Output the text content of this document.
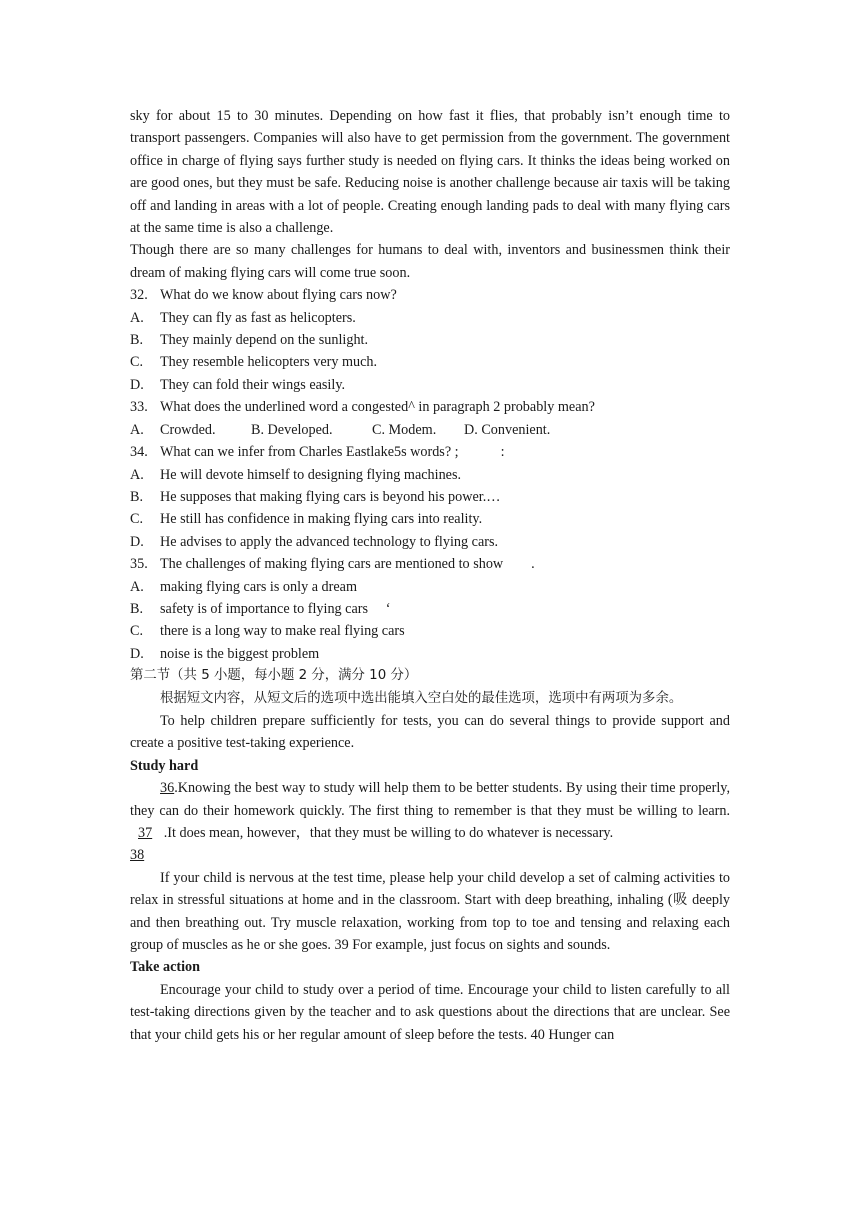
sky for about 15 to 30 minutes. Depending on how fast it flies, that probably isn’t enough time to transport passengers. Companies will also have to get permission from the government. The government office in charge of flying says further study is needed on flying cars. It thinks the ideas being worked on are good ones, but they must be safe. Reducing noise is another challenge because air taxis will be taking off and landing in areas with a lot of people. Creating enough landing pads to deal with many flying cars at the same time is also a challenge.

Though there are so many challenges for humans to deal with, inventors and businessmen think their dream of making flying cars will come true soon.

32. What do we know about flying cars now?
A.	They can fly as fast as helicopters.
B.	They mainly depend on the sunlight.
C.	They resemble helicopters very much.
D.	They can fold their wings easily.
33. What does the underlined word a congested^ in paragraph 2 probably mean?
A.	Crowded.	B. Developed.	C. Modem.	D. Convenient.
34. What can we infer from Charles Eastlake5s words? ;	:
A.	He will devote himself to designing flying machines.
B.	He supposes that making flying cars is beyond his power.…
C.	He still has confidence in making flying cars into reality.
D.	He advises to apply the advanced technology to flying cars.
35. The challenges of making flying cars are mentioned to show	.
A.	making flying cars is only a dream
B.	safety is of importance to flying cars     ‘
C.	there is a long way to make real flying cars
D.	noise is the biggest problem

第二节（共 5 小题，每小题 2 分，满分 10 分）

根据短文内容，从短文后的选项中选出能填入空白处的最佳选项，选项中有两项为多余。

To help children prepare sufficiently for tests, you can do several things to provide support and create a positive test-taking experience.

Study hard

36.Knowing the best way to study will help them to be better students. By using their time properly, they can do their homework quickly. The first thing to remember is that they must be willing to learn. 37 .It does mean, however，that they must be willing to do whatever is necessary.

38

If your child is nervous at the test time, please help your child develop a set of calming activities to relax in stressful situations at home and in the classroom. Start with deep breathing, inhaling (吸 deeply and then breathing out. Try muscle relaxation, working from top to toe and tensing and relaxing each group of muscles as he or she goes. 39 For example, just focus on sights and sounds.

Take action

Encourage your child to study over a period of time. Encourage your child to listen carefully to all test-taking directions given by the teacher and to ask questions about the directions that are unclear. See that your child gets his or her regular amount of sleep before the tests. 40 Hunger can
